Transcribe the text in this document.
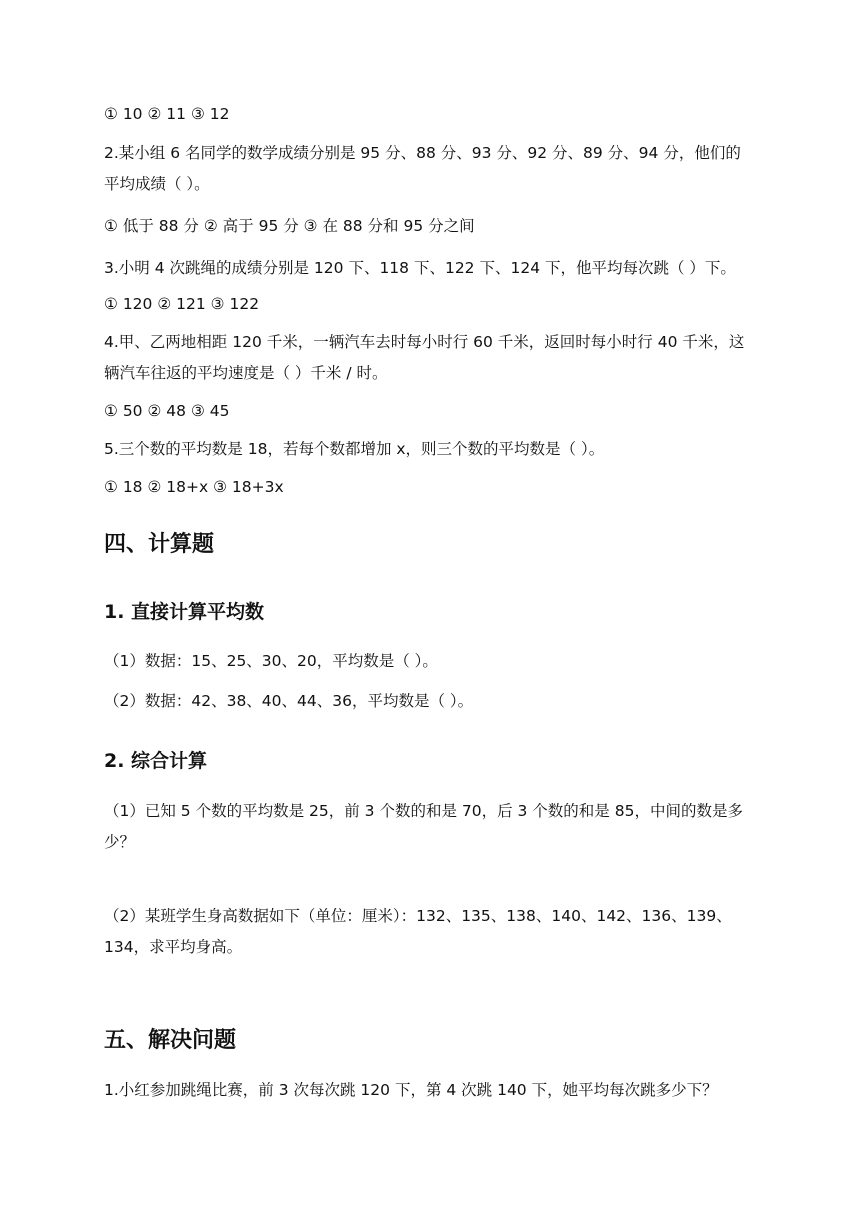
① 10 ② 11 ③ 12
2.某小组 6 名同学的数学成绩分别是 95 分、88 分、93 分、92 分、89 分、94 分，他们的平均成绩（ ）。
① 低于 88 分 ② 高于 95 分 ③ 在 88 分和 95 分之间
3.小明 4 次跳绳的成绩分别是 120 下、118 下、122 下、124 下，他平均每次跳（ ）下。
① 120 ② 121 ③ 122
4.甲、乙两地相距 120 千米，一辆汽车去时每小时行 60 千米，返回时每小时行 40 千米，这辆汽车往返的平均速度是（ ）千米 / 时。
① 50 ② 48 ③ 45
5.三个数的平均数是 18，若每个数都增加 x，则三个数的平均数是（ ）。
① 18 ② 18+x ③ 18+3x
四、计算题
1. 直接计算平均数
（1）数据：15、25、30、20，平均数是（ ）。
（2）数据：42、38、40、44、36，平均数是（ ）。
2. 综合计算
（1）已知 5 个数的平均数是 25，前 3 个数的和是 70，后 3 个数的和是 85，中间的数是多少？
（2）某班学生身高数据如下（单位：厘米）：132、135、138、140、142、136、139、134，求平均身高。
五、解决问题
1.小红参加跳绳比赛，前 3 次每次跳 120 下，第 4 次跳 140 下，她平均每次跳多少下？
